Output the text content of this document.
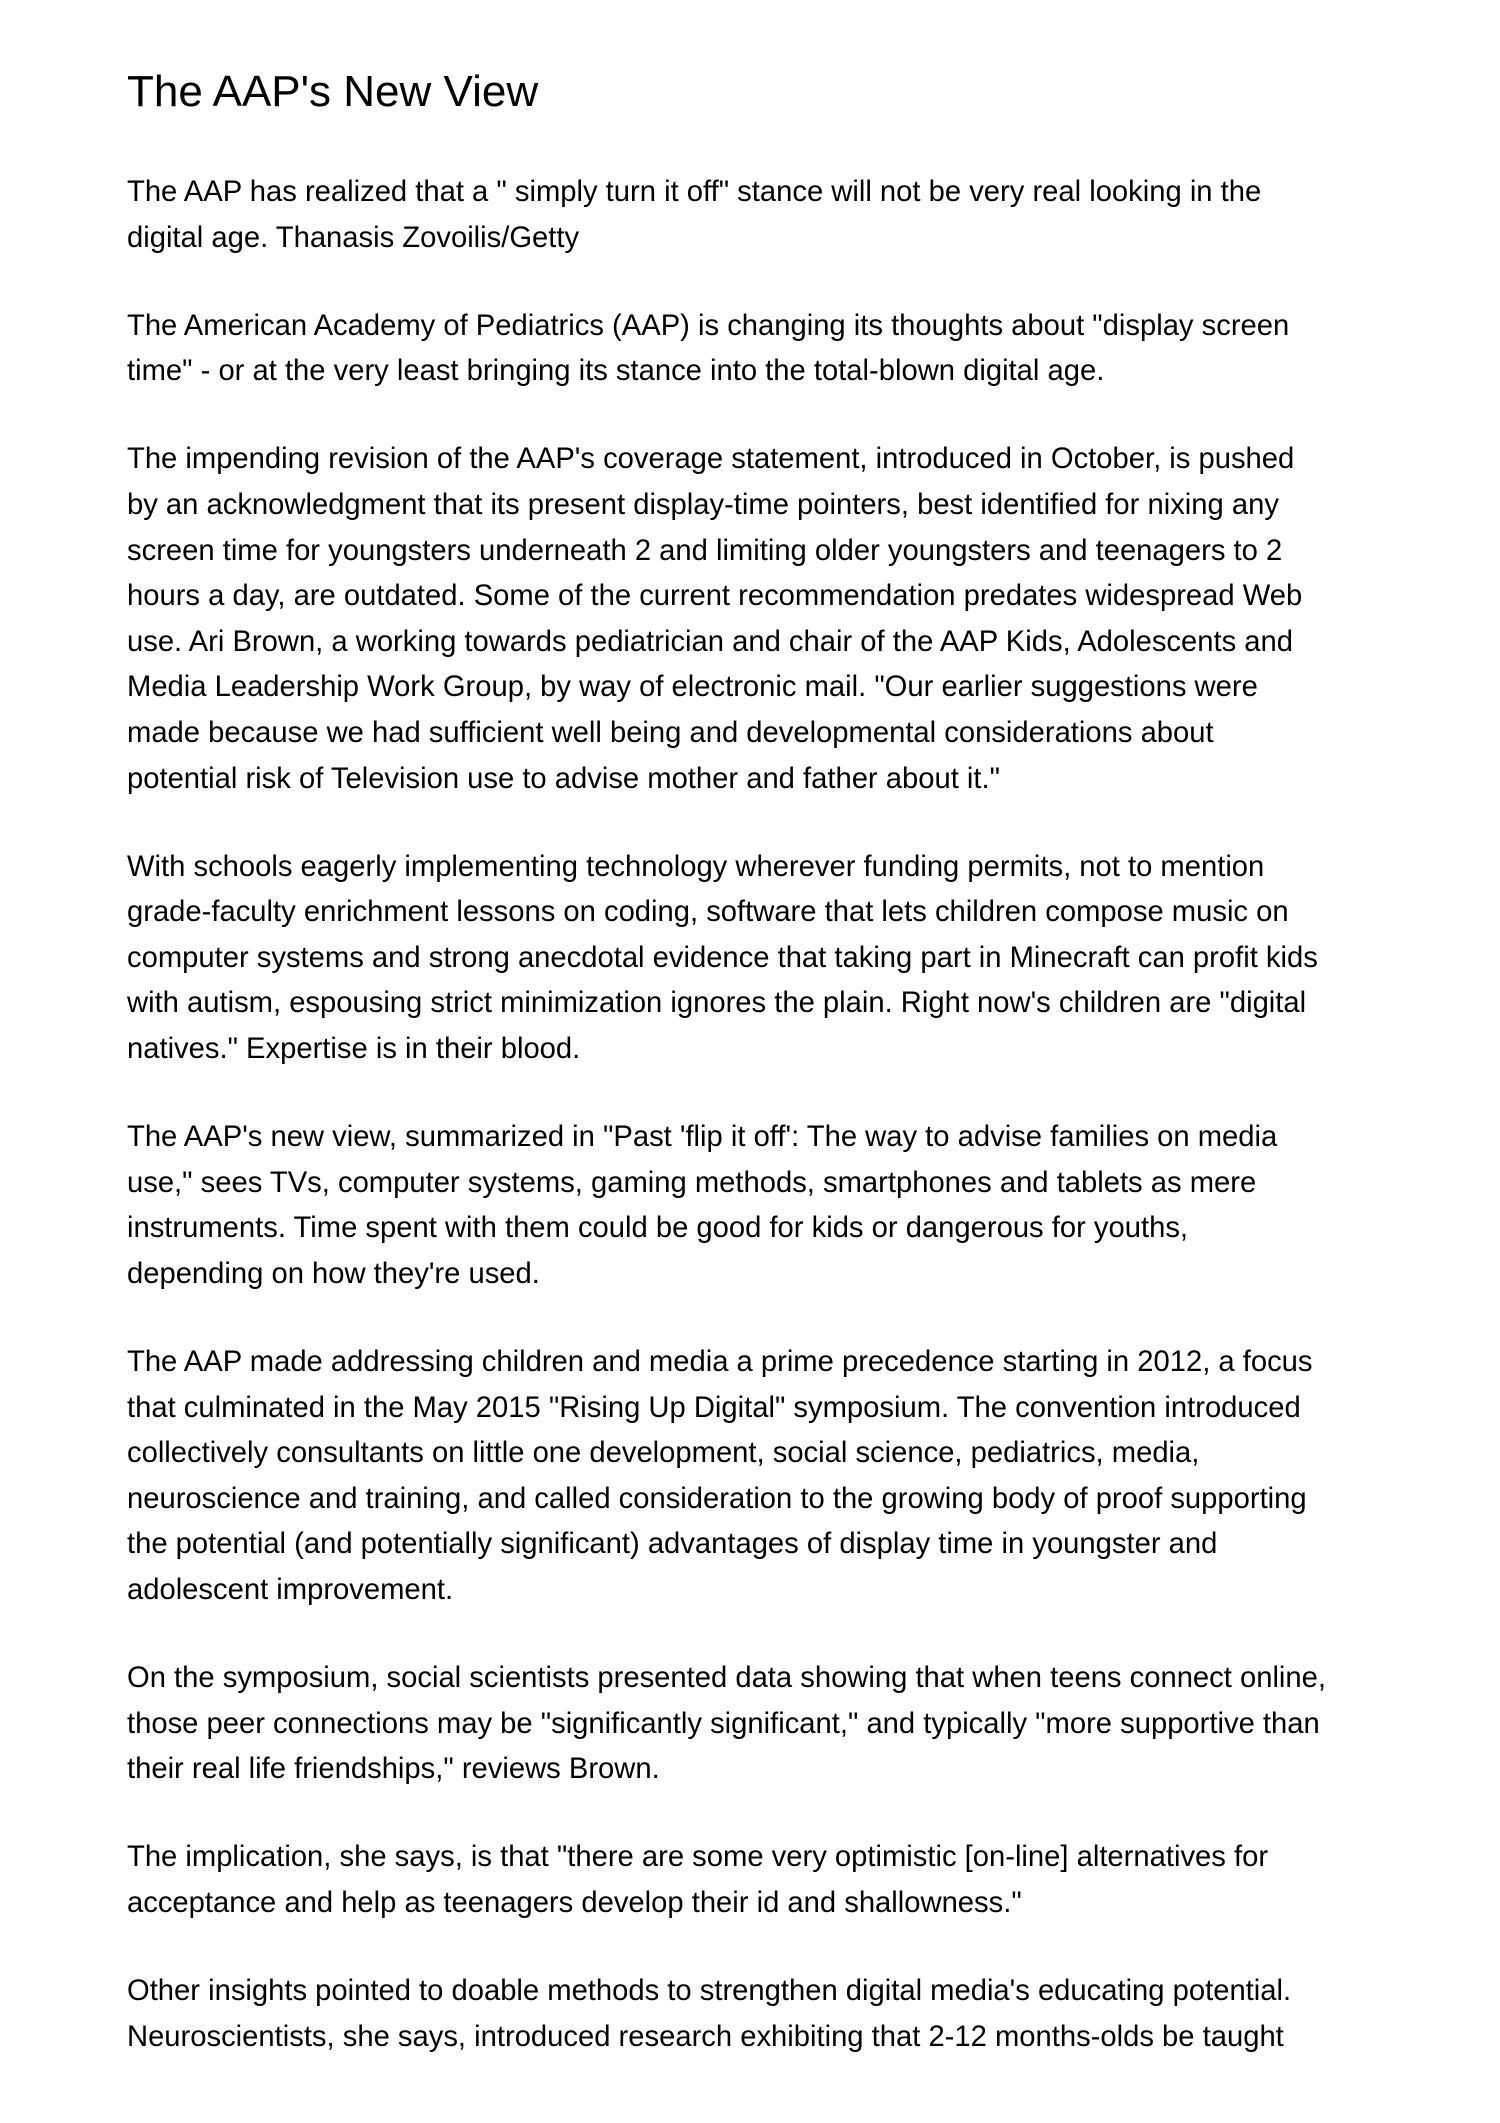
The AAP's New View

The AAP has realized that a " simply turn it off" stance will not be very real looking in the
digital age. Thanasis Zovoilis/Getty

The American Academy of Pediatrics (AAP) is changing its thoughts about "display screen
time" - or at the very least bringing its stance into the total-blown digital age.

The impending revision of the AAP's coverage statement, introduced in October, is pushed
by an acknowledgment that its present display-time pointers, best identified for nixing any
screen time for youngsters underneath 2 and limiting older youngsters and teenagers to 2
hours a day, are outdated. Some of the current recommendation predates widespread Web
use. Ari Brown, a working towards pediatrician and chair of the AAP Kids, Adolescents and
Media Leadership Work Group, by way of electronic mail. "Our earlier suggestions were
made because we had sufficient well being and developmental considerations about
potential risk of Television use to advise mother and father about it."

With schools eagerly implementing technology wherever funding permits, not to mention
grade-faculty enrichment lessons on coding, software that lets children compose music on
computer systems and strong anecdotal evidence that taking part in Minecraft can profit kids
with autism, espousing strict minimization ignores the plain. Right now's children are "digital
natives." Expertise is in their blood.

The AAP's new view, summarized in "Past 'flip it off': The way to advise families on media
use," sees TVs, computer systems, gaming methods, smartphones and tablets as mere
instruments. Time spent with them could be good for kids or dangerous for youths,
depending on how they're used.

The AAP made addressing children and media a prime precedence starting in 2012, a focus
that culminated in the May 2015 "Rising Up Digital" symposium. The convention introduced
collectively consultants on little one development, social science, pediatrics, media,
neuroscience and training, and called consideration to the growing body of proof supporting
the potential (and potentially significant) advantages of display time in youngster and
adolescent improvement.

On the symposium, social scientists presented data showing that when teens connect online,
those peer connections may be "significantly significant," and typically "more supportive than
their real life friendships," reviews Brown.

The implication, she says, is that "there are some very optimistic [on-line] alternatives for
acceptance and help as teenagers develop their id and shallowness."

Other insights pointed to doable methods to strengthen digital media's educating potential.
Neuroscientists, she says, introduced research exhibiting that 2-12 months-olds be taught
